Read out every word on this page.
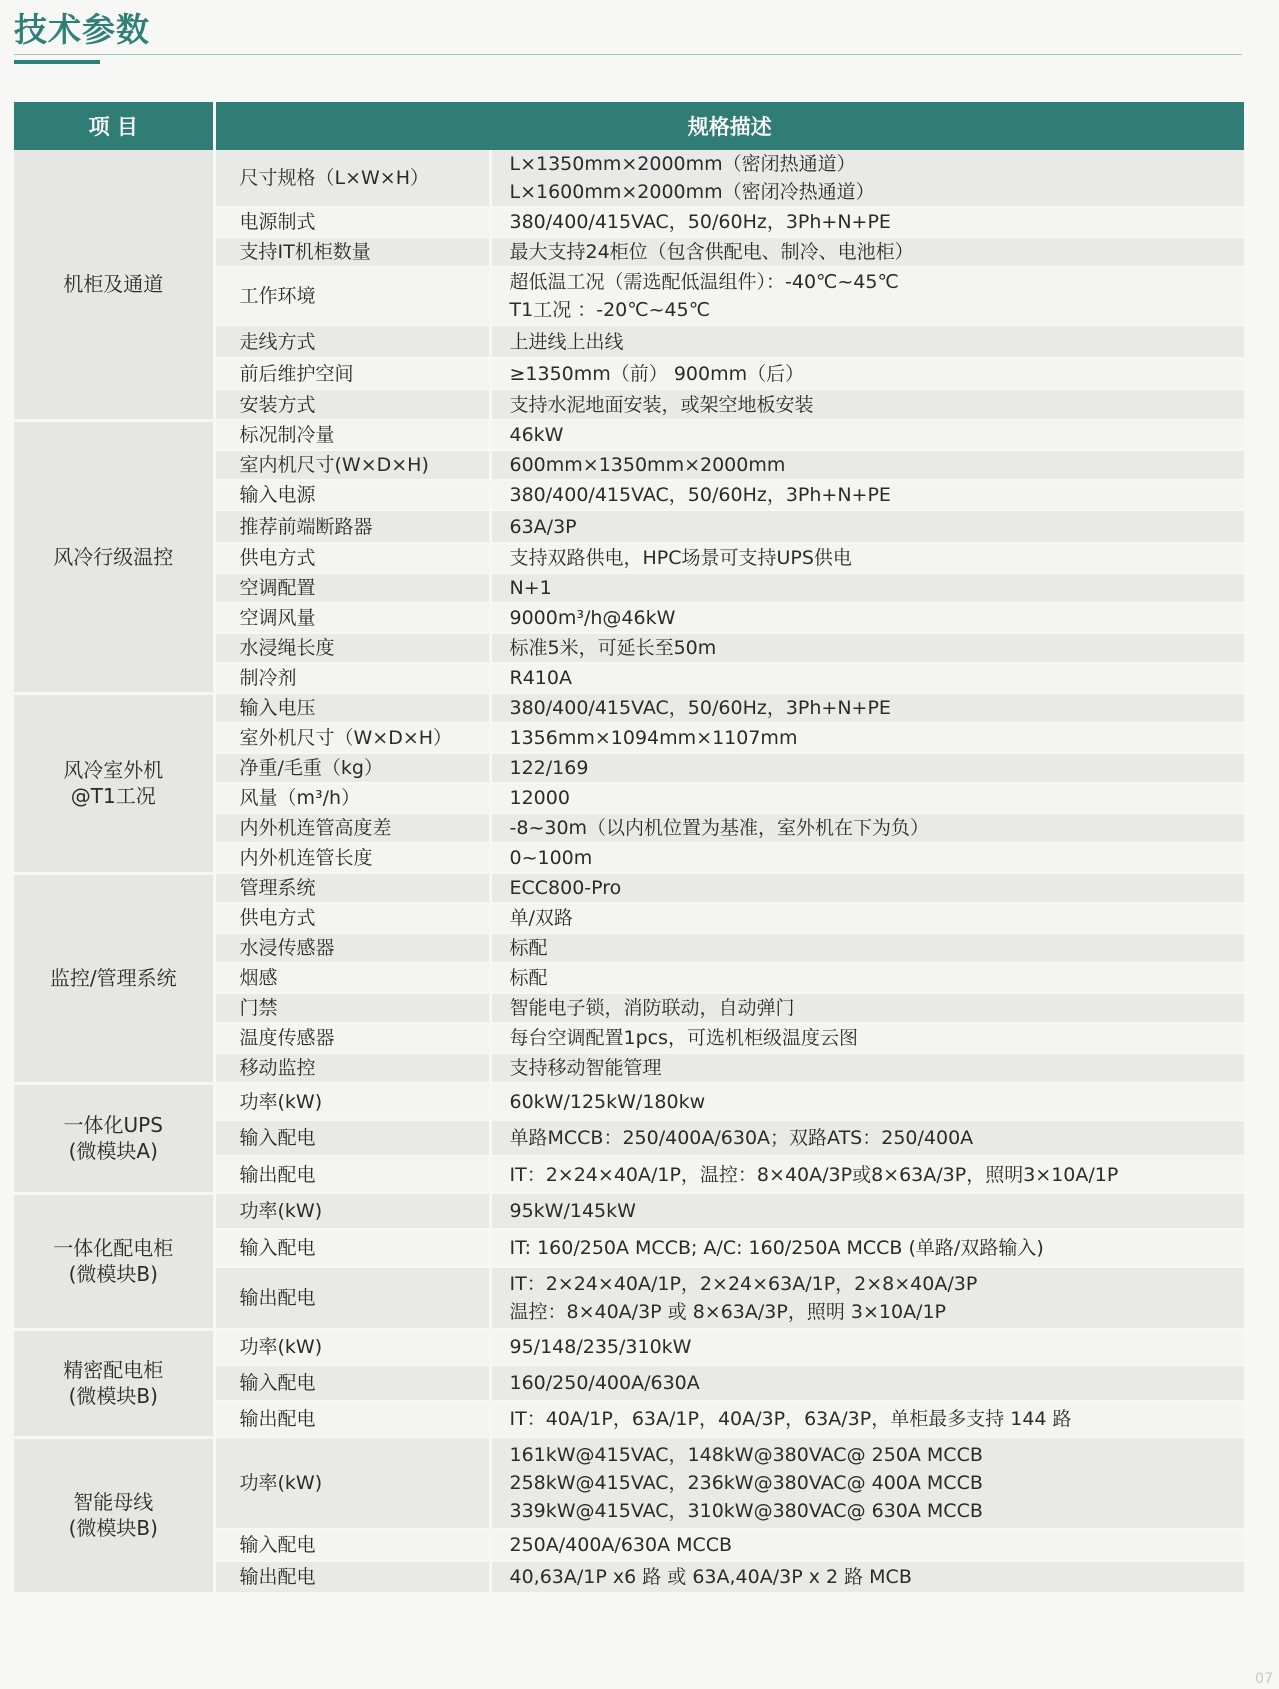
技术参数
项 目	规格描述	

机柜及通道	尺寸规格（L×W×H）	L×1350mm×2000mm（密闭热通道）
L×1600mm×2000mm（密闭冷热通道）

	电源制式	380/400/415VAC，50/60Hz，3Ph+N+PE

	支持IT机柜数量	最大支持24柜位（包含供配电、制冷、电池柜）

	工作环境	超低温工况（需选配低温组件）：-40℃~45℃
T1工况 ：-20℃~45℃

	走线方式	上进线上出线

	前后维护空间	≥1350mm（前） 900mm（后）

	安装方式	支持水泥地面安装，或架空地板安装

风冷行级温控	标况制冷量	46kW

	室内机尺寸(W×D×H)	600mm×1350mm×2000mm

	输入电源	380/400/415VAC，50/60Hz，3Ph+N+PE

	推荐前端断路器	63A/3P

	供电方式	支持双路供电，HPC场景可支持UPS供电

	空调配置	N+1

	空调风量	9000m³/h@46kW

	水浸绳长度	标准5米，可延长至50m

	制冷剂	R410A

风冷室外机
@T1工况	输入电压	380/400/415VAC，50/60Hz，3Ph+N+PE

	室外机尺寸（W×D×H）	1356mm×1094mm×1107mm

	净重/毛重（kg）	122/169

	风量（m³/h）	12000

	内外机连管高度差	-8~30m（以内机位置为基准，室外机在下为负）

	内外机连管长度	0~100m

监控/管理系统	管理系统	ECC800-Pro

	供电方式	单/双路

	水浸传感器	标配

	烟感	标配

	门禁	智能电子锁，消防联动，自动弹门

	温度传感器	每台空调配置1pcs，可选机柜级温度云图

	移动监控	支持移动智能管理

一体化UPS
(微模块A)	功率(kW)	60kW/125kW/180kw

	输入配电	单路MCCB：250/400A/630A；双路ATS：250/400A

	输出配电	IT：2×24×40A/1P，温控：8×40A/3P或8×63A/3P，照明3×10A/1P

一体化配电柜
(微模块B)	功率(kW)	95kW/145kW

	输入配电	IT: 160/250A MCCB; A/C: 160/250A MCCB (单路/双路输入)

	输出配电	IT：2×24×40A/1P，2×24×63A/1P，2×8×40A/3P
温控：8×40A/3P 或 8×63A/3P，照明 3×10A/1P

精密配电柜
(微模块B)	功率(kW)	95/148/235/310kW

	输入配电	160/250/400A/630A

	输出配电	IT：40A/1P，63A/1P，40A/3P，63A/3P，单柜最多支持 144 路

智能母线
(微模块B)	功率(kW)	161kW@415VAC，148kW@380VAC@ 250A MCCB
258kW@415VAC，236kW@380VAC@ 400A MCCB
339kW@415VAC，310kW@380VAC@ 630A MCCB

	输入配电	250A/400A/630A MCCB

	输出配电	40,63A/1P x6 路 或 63A,40A/3P x 2 路 MCB
07
